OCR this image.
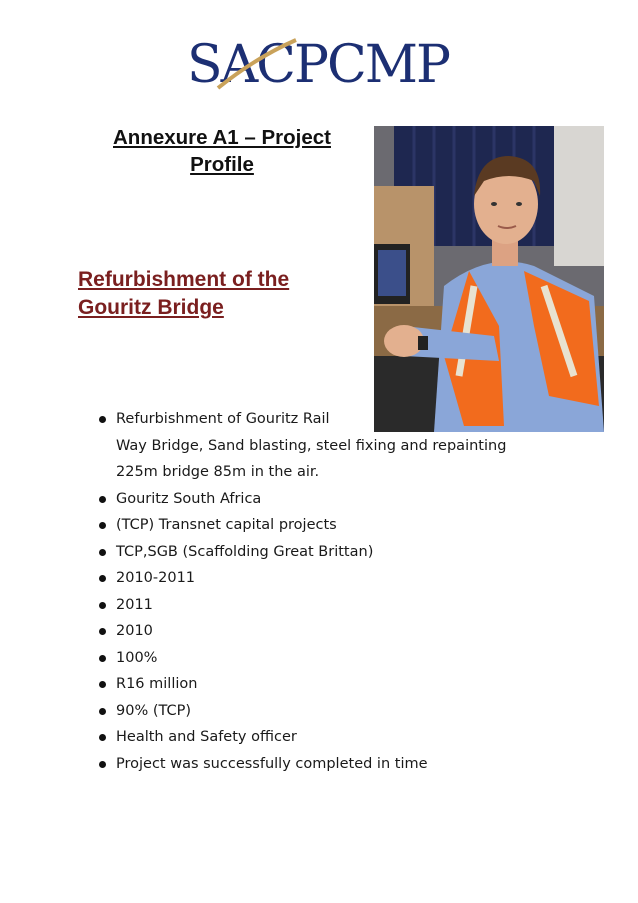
SACPCMP
Annexure A1 – Project
Profile
Refurbishment of the
Gouritz Bridge
Refurbishment of Gouritz Rail
Way Bridge, Sand blasting, steel fixing and repainting
225m bridge 85m in the air.
Gouritz South Africa
(TCP) Transnet capital projects
TCP,SGB (Scaffolding Great Brittan)
2010-2011
2011
2010
100%
R16 million
90% (TCP)
Health and Safety officer
Project was successfully completed in time
